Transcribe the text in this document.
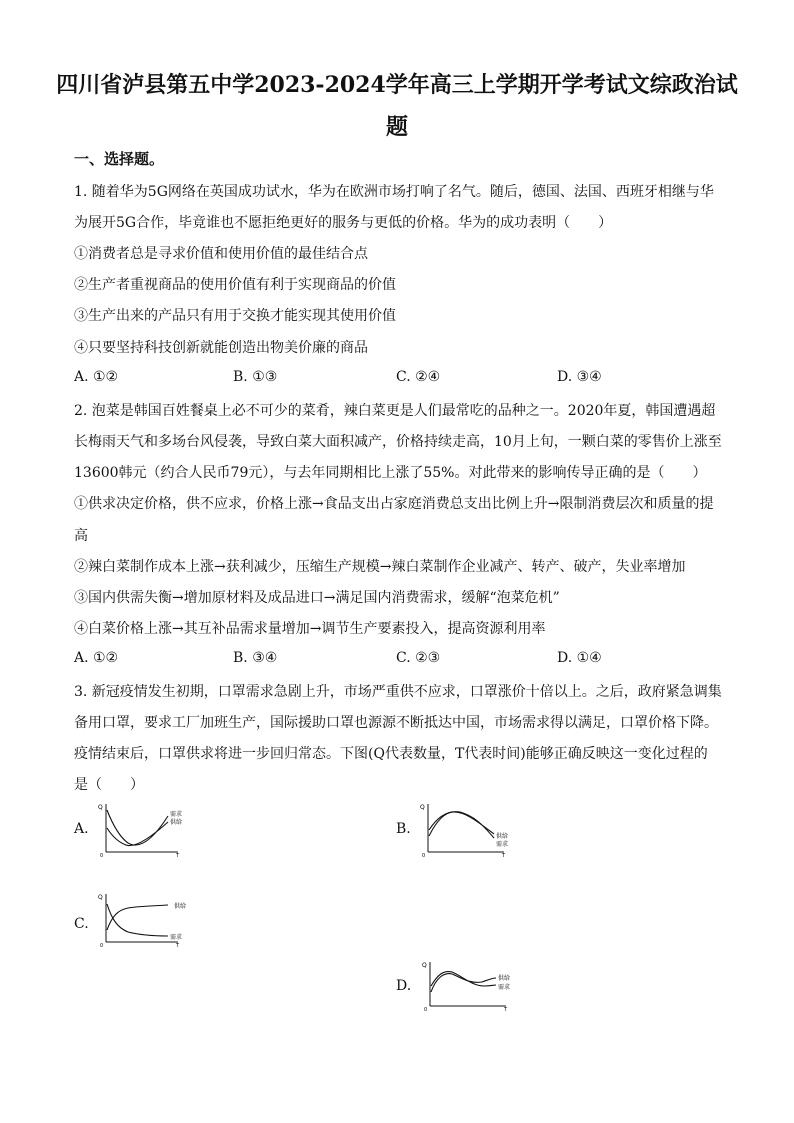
四川省泸县第五中学2023-2024学年高三上学期开学考试文综政治试
题
一、选择题。
1. 随着华为5G网络在英国成功试水，华为在欧洲市场打响了名气。随后，德国、法国、西班牙相继与华
为展开5G合作，毕竟谁也不愿拒绝更好的服务与更低的价格。华为的成功表明（　　）
①消费者总是寻求价值和使用价值的最佳结合点
②生产者重视商品的使用价值有利于实现商品的价值
③生产出来的产品只有用于交换才能实现其使用价值
④只要坚持科技创新就能创造出物美价廉的商品
A. ①②	B. ①③	C. ②④	D. ③④
2. 泡菜是韩国百姓餐桌上必不可少的菜肴，辣白菜更是人们最常吃的品种之一。2020年夏，韩国遭遇超
长梅雨天气和多场台风侵袭，导致白菜大面积减产，价格持续走高，10月上旬，一颗白菜的零售价上涨至
13600韩元（约合人民币79元），与去年同期相比上涨了55%。对此带来的影响传导正确的是（　　）
①供求决定价格，供不应求，价格上涨→食品支出占家庭消费总支出比例上升→限制消费层次和质量的提
高
②辣白菜制作成本上涨→获利减少，压缩生产规模→辣白菜制作企业减产、转产、破产，失业率增加
③国内供需失衡→增加原材料及成品进口→满足国内消费需求，缓解“泡菜危机”
④白菜价格上涨→其互补品需求量增加→调节生产要素投入，提高资源利用率
A. ①②	B. ③④	C. ②③	D. ①④
3. 新冠疫情发生初期，口罩需求急剧上升，市场严重供不应求，口罩涨价十倍以上。之后，政府紧急调集
备用口罩，要求工厂加班生产，国际援助口罩也源源不断抵达中国，市场需求得以满足，口罩价格下降。
疫情结束后，口罩供求将进一步回归常态。下图(Q代表数量，T代表时间)能够正确反映这一变化过程的
是（　　）
A.
Q
0	T
需求
供给	B.
Q
0	T
供给
需求
C.
Q
0	T
供给
需求
D.
Q
0	T
供给
需求
